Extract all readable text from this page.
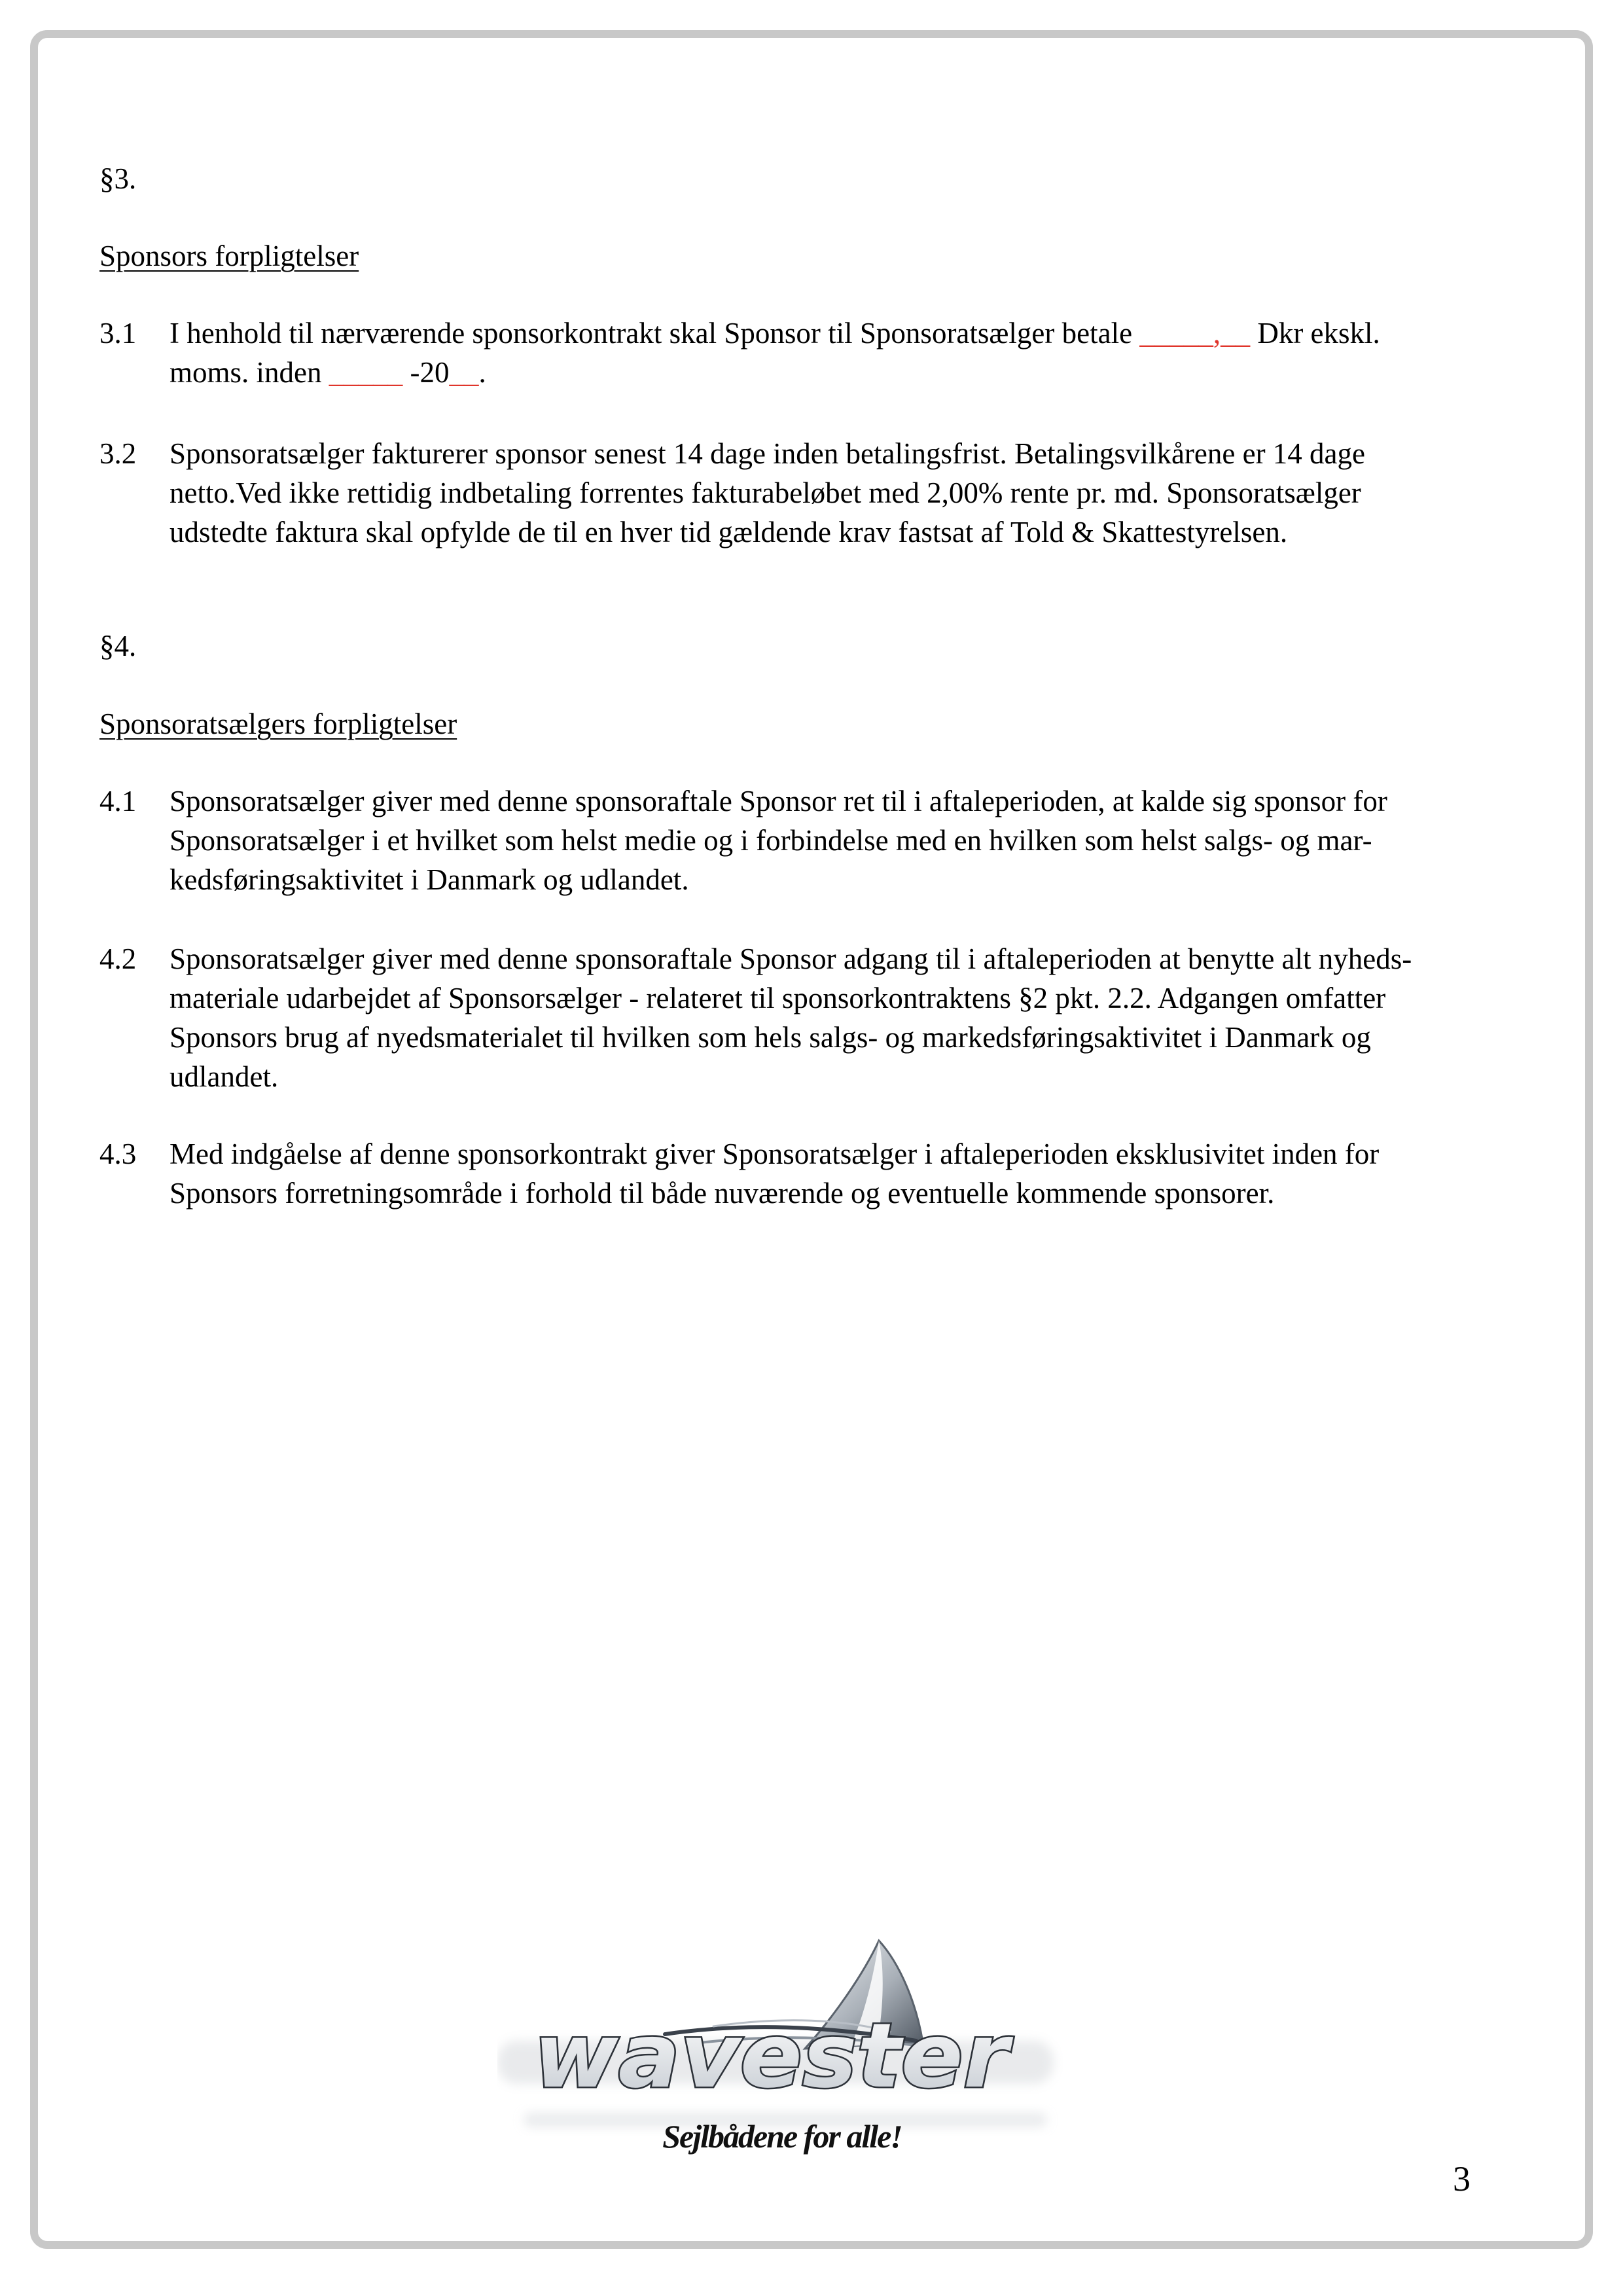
§3.
Sponsors forpligtelser
3.1 I henhold til nærværende sponsorkontrakt skal Sponsor til Sponsoratsælger betale _____,__ Dkr ekskl.
moms. inden _____ -20__.
3.2 Sponsoratsælger fakturerer sponsor senest 14 dage inden betalingsfrist. Betalingsvilkårene er 14 dage
netto.Ved ikke rettidig indbetaling forrentes fakturabeløbet med 2,00% rente pr. md. Sponsoratsælger
udstedte faktura skal opfylde de til en hver tid gældende krav fastsat af Told & Skattestyrelsen.
§4.
Sponsoratsælgers forpligtelser
4.1 Sponsoratsælger giver med denne sponsoraftale Sponsor ret til i aftaleperioden, at kalde sig sponsor for
Sponsoratsælger i et hvilket som helst medie og i forbindelse med en hvilken som helst salgs- og mar-
kedsføringsaktivitet i Danmark og udlandet.
4.2 Sponsoratsælger giver med denne sponsoraftale Sponsor adgang til i aftaleperioden at benytte alt nyheds-
materiale udarbejdet af Sponsorsælger - relateret til sponsorkontraktens §2 pkt. 2.2. Adgangen omfatter
Sponsors brug af nyedsmaterialet til hvilken som hels salgs- og markedsføringsaktivitet i Danmark og
udlandet.
4.3 Med indgåelse af denne sponsorkontrakt giver Sponsoratsælger i aftaleperioden eksklusivitet inden for
Sponsors forretningsområde i forhold til både nuværende og eventuelle kommende sponsorer.
wavester
Sejlbådene for alle!
3
